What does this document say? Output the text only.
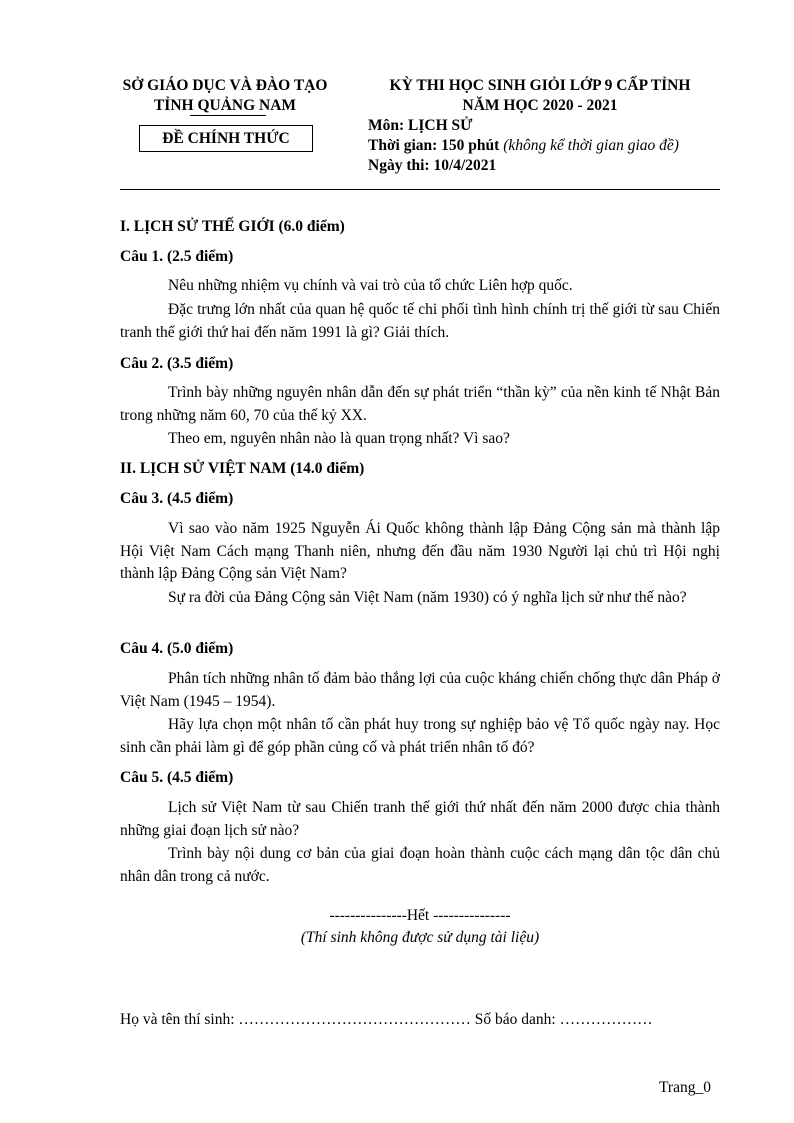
SỞ GIÁO DỤC VÀ ĐÀO TẠO
TỈNH QUẢNG NAM
ĐỀ CHÍNH THỨC
KỲ THI HỌC SINH GIỎI LỚP 9 CẤP TỈNH
NĂM HỌC 2020 - 2021
Môn: LỊCH SỬ
Thời gian: 150 phút (không kể thời gian giao đề)
Ngày thi: 10/4/2021
I. LỊCH SỬ THẾ GIỚI (6.0 điểm)
Câu 1. (2.5 điểm)
Nêu những nhiệm vụ chính và vai trò của tổ chức Liên hợp quốc.
Đặc trưng lớn nhất của quan hệ quốc tế chi phối tình hình chính trị thế giới từ sau Chiến tranh thế giới thứ hai đến năm 1991 là gì? Giải thích.
Câu 2. (3.5 điểm)
Trình bày những nguyên nhân dẫn đến sự phát triển “thần kỳ” của nền kinh tế Nhật Bản trong những năm 60, 70 của thế kỷ XX.
Theo em, nguyên nhân nào là quan trọng nhất? Vì sao?
II. LỊCH SỬ VIỆT NAM (14.0 điểm)
Câu 3. (4.5 điểm)
Vì sao vào năm 1925 Nguyễn Ái Quốc không thành lập Đảng Cộng sản mà thành lập Hội Việt Nam Cách mạng Thanh niên, nhưng đến đầu năm 1930 Người lại chủ trì Hội nghị thành lập Đảng Cộng sản Việt Nam?
Sự ra đời của Đảng Cộng sản Việt Nam (năm 1930) có ý nghĩa lịch sử như thế nào?
Câu 4. (5.0 điểm)
Phân tích những nhân tố đảm bảo thắng lợi của cuộc kháng chiến chống thực dân Pháp ở Việt Nam (1945 – 1954).
Hãy lựa chọn một nhân tố cần phát huy trong sự nghiệp bảo vệ Tổ quốc ngày nay. Học sinh cần phải làm gì để góp phần củng cố và phát triển nhân tố đó?
Câu 5. (4.5 điểm)
Lịch sử Việt Nam từ sau Chiến tranh thế giới thứ nhất đến năm 2000 được chia thành những giai đoạn lịch sử nào?
Trình bày nội dung cơ bản của giai đoạn hoàn thành cuộc cách mạng dân tộc dân chủ nhân dân trong cả nước.
---------------Hết ---------------
(Thí sinh không được sử dụng tài liệu)
Họ và tên thí sinh: ……………………………………… Số báo danh: ………………
Trang_0
